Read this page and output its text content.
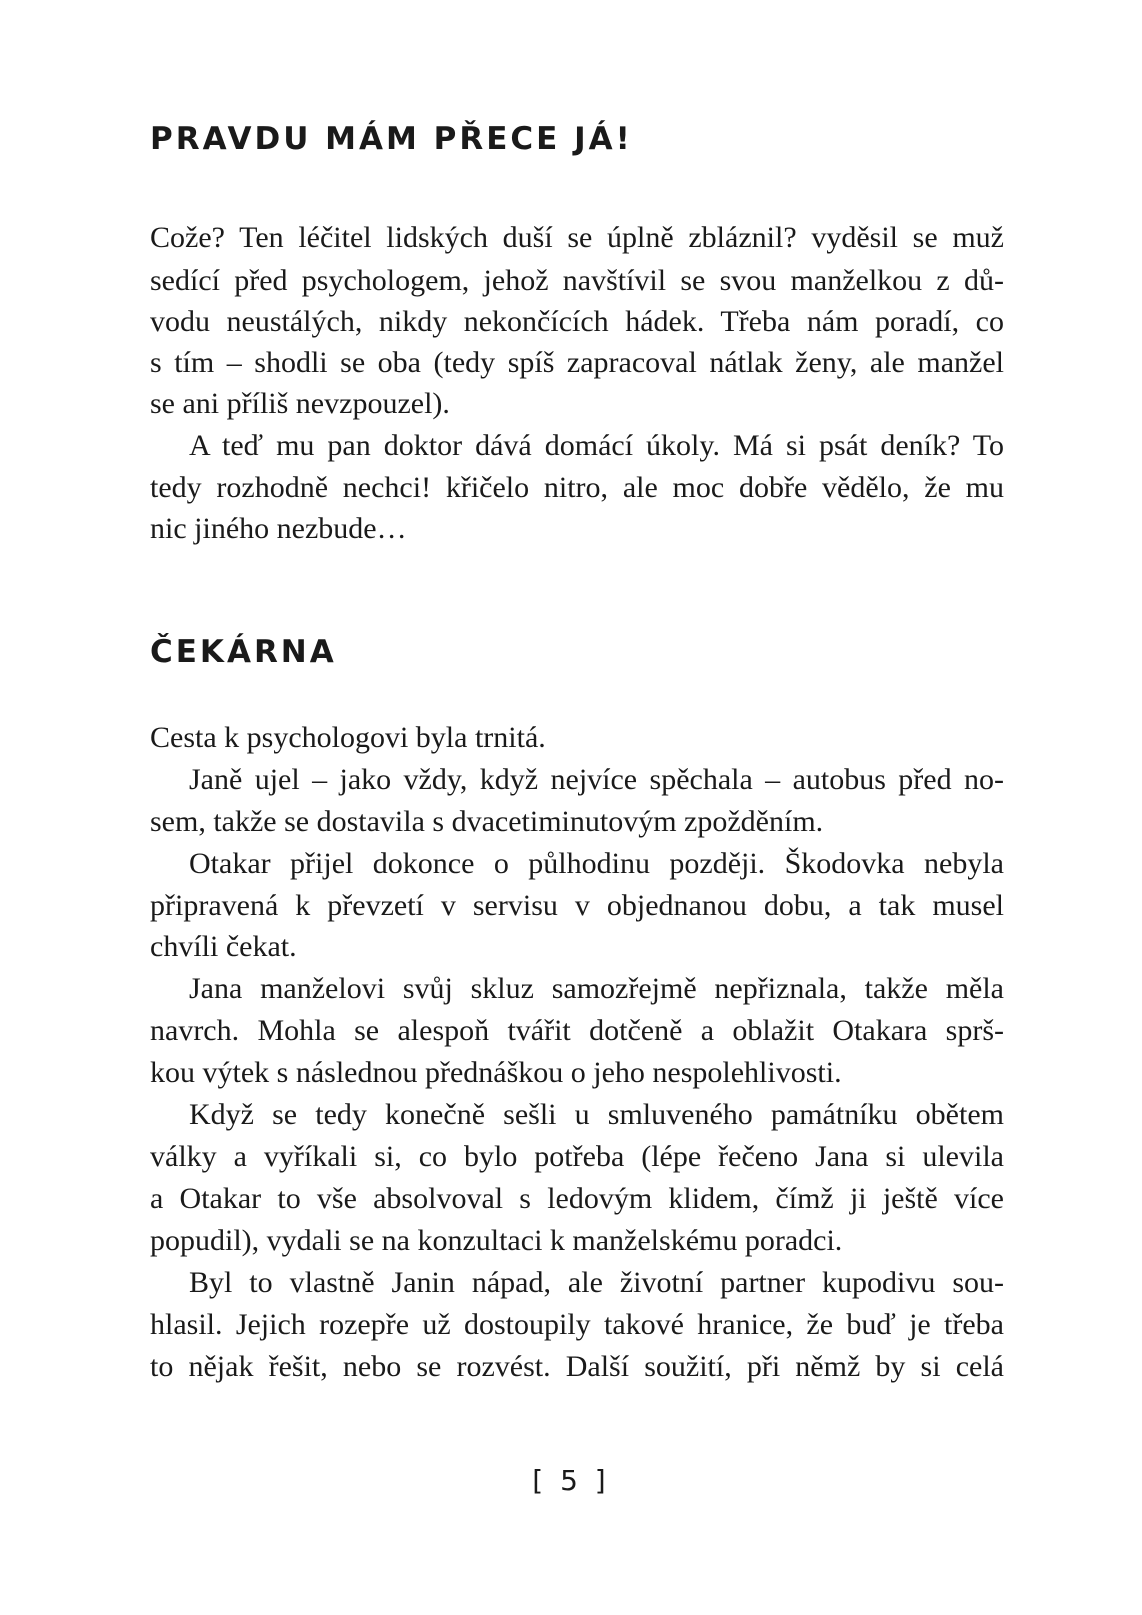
PRAVDU MÁM PŘECE JÁ!
Cože? Ten léčitel lidských duší se úplně zbláznil? vyděsil se muž
sedící před psychologem, jehož navštívil se svou manželkou z dů-
vodu neustálých, nikdy nekončících hádek. Třeba nám poradí, co
s tím – shodli se oba (tedy spíš zapracoval nátlak ženy, ale manžel
se ani příliš nevzpouzel).
A teď mu pan doktor dává domácí úkoly. Má si psát deník? To
tedy rozhodně nechci! křičelo nitro, ale moc dobře vědělo, že mu
nic jiného nezbude…
ČEKÁRNA
Cesta k psychologovi byla trnitá.
Janě ujel – jako vždy, když nejvíce spěchala – autobus před no-
sem, takže se dostavila s dvacetiminutovým zpožděním.
Otakar přijel dokonce o půlhodinu později. Škodovka nebyla
připravená k převzetí v servisu v objednanou dobu, a tak musel
chvíli čekat.
Jana manželovi svůj skluz samozřejmě nepřiznala, takže měla
navrch. Mohla se alespoň tvářit dotčeně a oblažit Otakara sprš-
kou výtek s následnou přednáškou o jeho nespolehlivosti.
Když se tedy konečně sešli u smluveného památníku obětem
války a vyříkali si, co bylo potřeba (lépe řečeno Jana si ulevila
a Otakar to vše absolvoval s ledovým klidem, čímž ji ještě více
popudil), vydali se na konzultaci k manželskému poradci.
Byl to vlastně Janin nápad, ale životní partner kupodivu sou-
hlasil. Jejich rozepře už dostoupily takové hranice, že buď je třeba
to nějak řešit, nebo se rozvést. Další soužití, při němž by si celá
[ 5 ]
